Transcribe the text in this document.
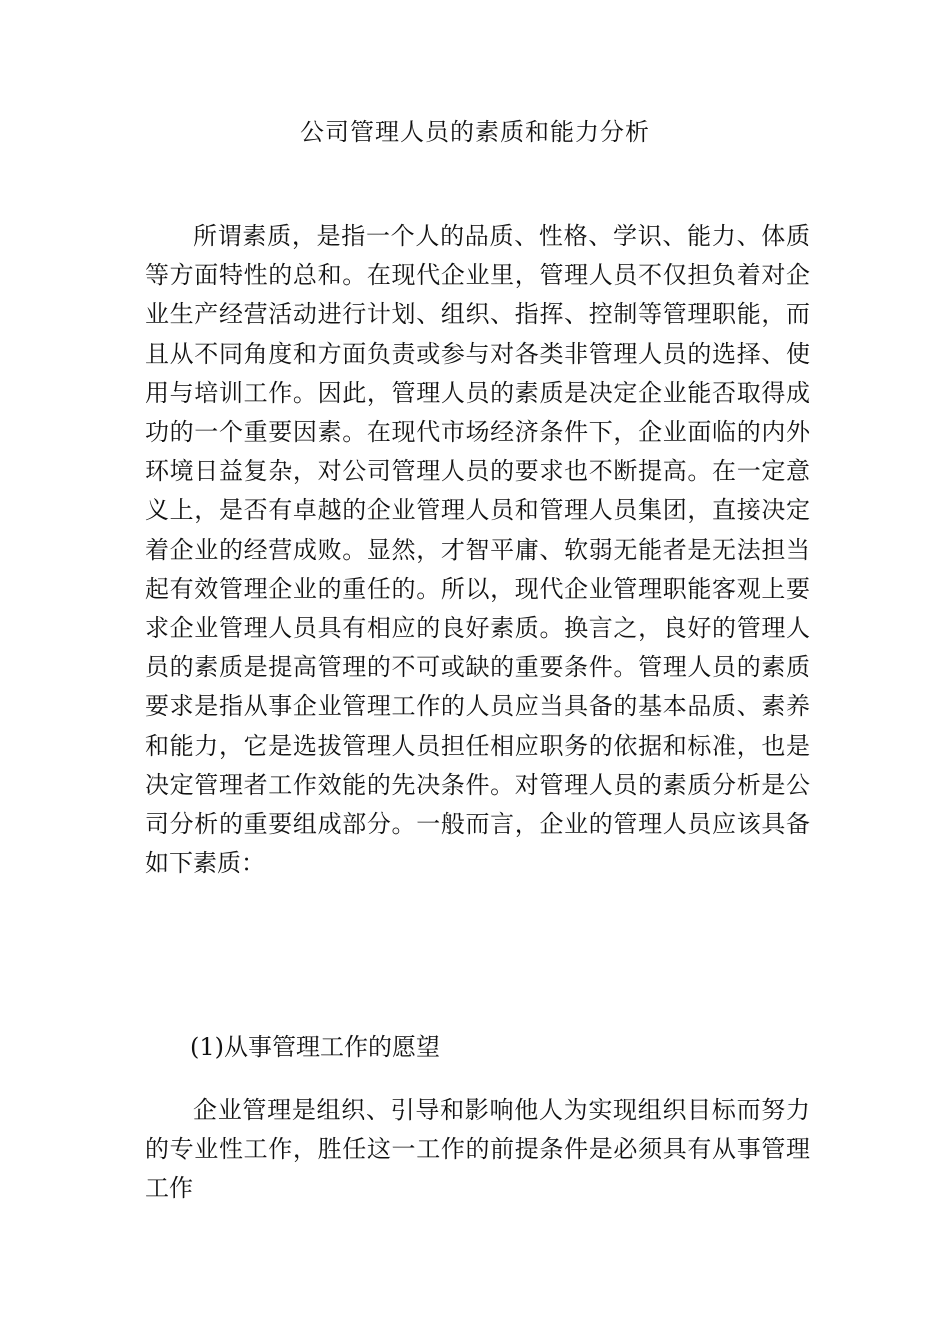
公司管理人员的素质和能力分析

所谓素质，是指一个人的品质、性格、学识、能力、体质等方面特性的总和。在现代企业里，管理人员不仅担负着对企业生产经营活动进行计划、组织、指挥、控制等管理职能，而且从不同角度和方面负责或参与对各类非管理人员的选择、使用与培训工作。因此，管理人员的素质是决定企业能否取得成功的一个重要因素。在现代市场经济条件下，企业面临的内外环境日益复杂，对公司管理人员的要求也不断提高。在一定意义上，是否有卓越的企业管理人员和管理人员集团，直接决定着企业的经营成败。显然，才智平庸、软弱无能者是无法担当起有效管理企业的重任的。所以，现代企业管理职能客观上要求企业管理人员具有相应的良好素质。换言之，良好的管理人员的素质是提高管理的不可或缺的重要条件。管理人员的素质要求是指从事企业管理工作的人员应当具备的基本品质、素养和能力，它是选拔管理人员担任相应职务的依据和标准，也是决定管理者工作效能的先决条件。对管理人员的素质分析是公司分析的重要组成部分。一般而言，企业的管理人员应该具备如下素质：

(1)从事管理工作的愿望

企业管理是组织、引导和影响他人为实现组织目标而努力的专业性工作，胜任这一工作的前提条件是必须具有从事管理工作
